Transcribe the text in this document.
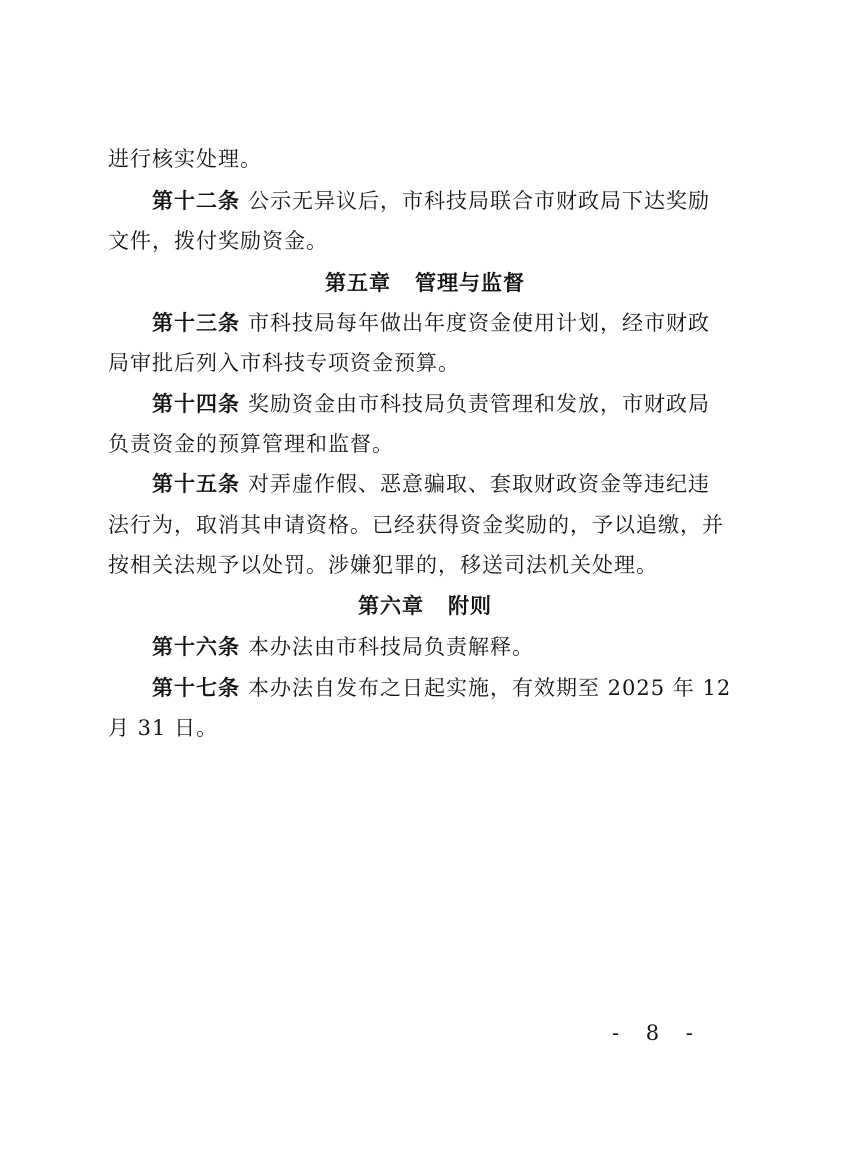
进行核实处理。
第十二条 公示无异议后，市科技局联合市财政局下达奖励
文件，拨付奖励资金。
第五章 管理与监督
第十三条 市科技局每年做出年度资金使用计划，经市财政
局审批后列入市科技专项资金预算。
第十四条 奖励资金由市科技局负责管理和发放，市财政局
负责资金的预算管理和监督。
第十五条 对弄虚作假、恶意骗取、套取财政资金等违纪违
法行为，取消其申请资格。已经获得资金奖励的，予以追缴，并
按相关法规予以处罚。涉嫌犯罪的，移送司法机关处理。
第六章 附则
第十六条 本办法由市科技局负责解释。
第十七条 本办法自发布之日起实施，有效期至 2025 年 12
月 31 日。
- 8 -
